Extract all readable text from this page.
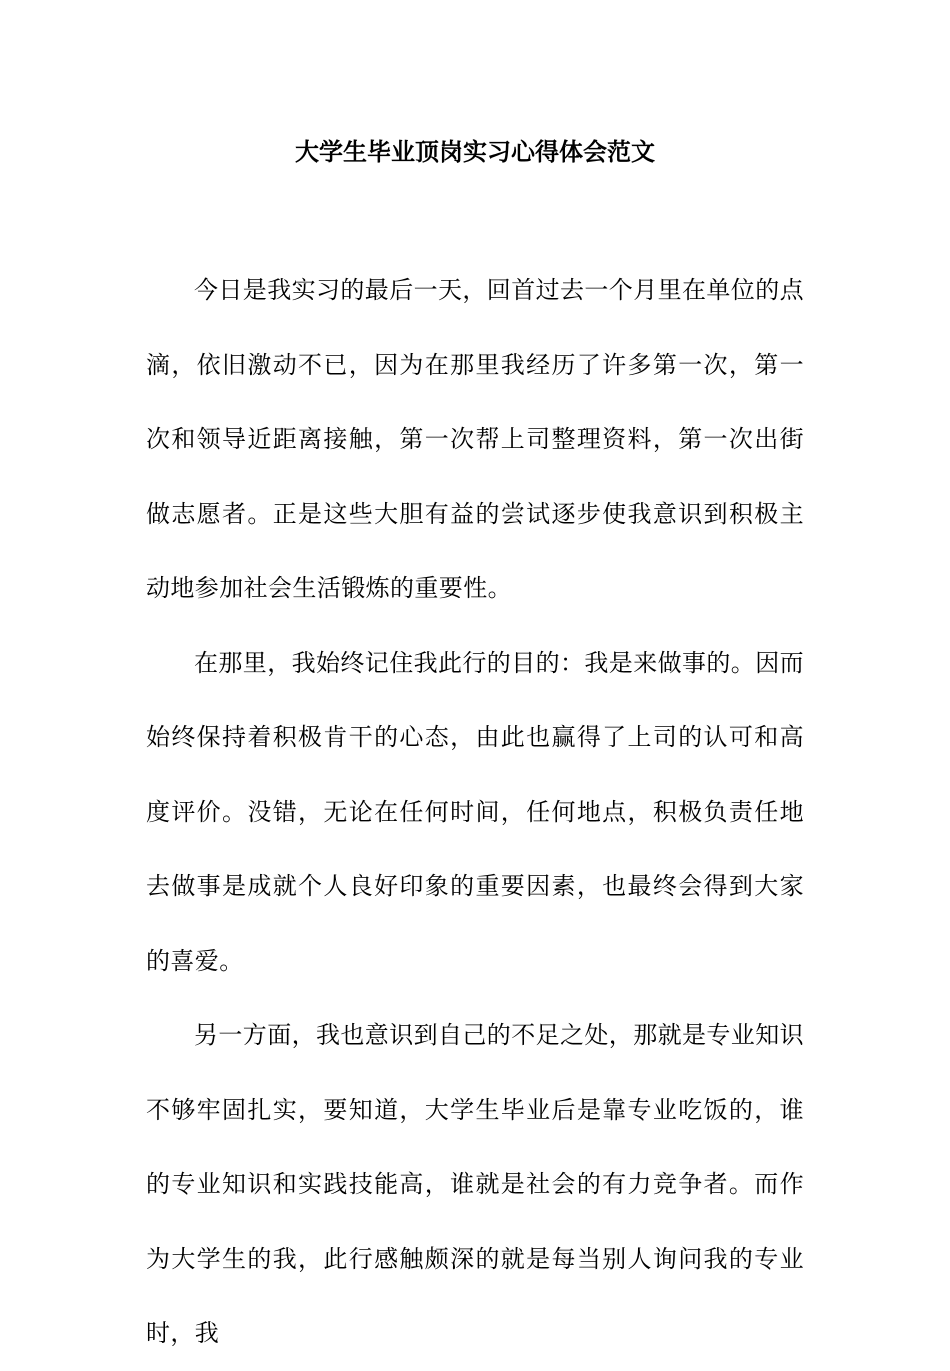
大学生毕业顶岗实习心得体会范文

今日是我实习的最后一天，回首过去一个月里在单位的点滴，依旧激动不已，因为在那里我经历了许多第一次，第一次和领导近距离接触，第一次帮上司整理资料，第一次出街做志愿者。正是这些大胆有益的尝试逐步使我意识到积极主动地参加社会生活锻炼的重要性。

在那里，我始终记住我此行的目的：我是来做事的。因而始终保持着积极肯干的心态，由此也赢得了上司的认可和高度评价。没错，无论在任何时间，任何地点，积极负责任地去做事是成就个人良好印象的重要因素，也最终会得到大家的喜爱。

另一方面，我也意识到自己的不足之处，那就是专业知识不够牢固扎实，要知道，大学生毕业后是靠专业吃饭的，谁的专业知识和实践技能高，谁就是社会的有力竞争者。而作为大学生的我，此行感触颇深的就是每当别人询问我的专业时，我
